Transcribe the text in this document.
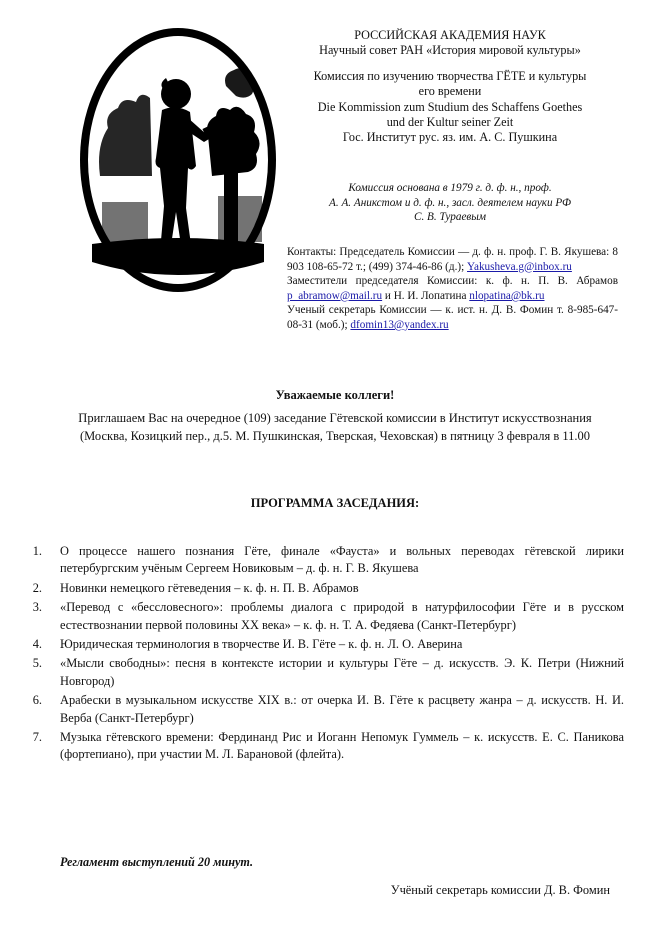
РОССИЙСКАЯ АКАДЕМИЯ НАУК
Научный совет РАН «История мировой культуры»
Комиссия по изучению творчества ГЁТЕ и культуры
его времени
Die Kommission zum Studium des Schaffens Goethes
und der Kultur seiner Zeit
Гос. Институт рус. яз. им. А. С. Пушкина
Комиссия основана в 1979 г. д. ф. н., проф.
А. А. Аникстом и д. ф. н., засл. деятелем науки РФ
С. В. Тураевым

Контакты: Председатель Комиссии — д. ф. н. проф. Г. В. Якушева: 8 903 108-65-72 т.; (499) 374-46-86 (д.); Yakusheva.g@inbox.ru

Заместители председателя Комиссии: к. ф. н. П. В. Абрамов p_abramow@mail.ru и Н. И. Лопатина nlopatina@bk.ru

Ученый секретарь Комиссии — к. ист. н. Д. В. Фомин т. 8-985-647-08-31 (моб.); dfomin13@yandex.ru

Уважаемые коллеги!
Приглашаем Вас на очередное (109) заседание Гётевской комиссии в Институт искусствознания (Москва, Козицкий пер., д.5. М. Пушкинская, Тверская, Чеховская) в пятницу 3 февраля в 11.00
ПРОГРАММА ЗАСЕДАНИЯ:
1. О процессе нашего познания Гёте, финале «Фауста» и вольных переводах гётевской лирики петербургским учёным Сергеем Новиковым – д. ф. н. Г. В. Якушева
2. Новинки немецкого гётеведения – к. ф. н. П. В. Абрамов
3. «Перевод с «бессловесного»: проблемы диалога с природой в натурфилософии Гёте и в русском естествознании первой половины XX века» – к. ф. н. Т. А. Федяева (Санкт-Петербург)
4. Юридическая терминология в творчестве И. В. Гёте – к. ф. н. Л. О. Аверина
5. «Мысли свободны»: песня в контексте истории и культуры Гёте – д. искусств. Э. К. Петри (Нижний Новгород)
6. Арабески в музыкальном искусстве XIX в.: от очерка И. В. Гёте к расцвету жанра – д. искусств. Н. И. Верба (Санкт-Петербург)
7. Музыка гётевского времени: Фердинанд Рис и Иоганн Непомук Гуммель – к. искусств. Е. С. Паникова (фортепиано), при участии М. Л. Барановой (флейта).
Регламент выступлений 20 минут.
Учёный секретарь комиссии Д. В. Фомин
